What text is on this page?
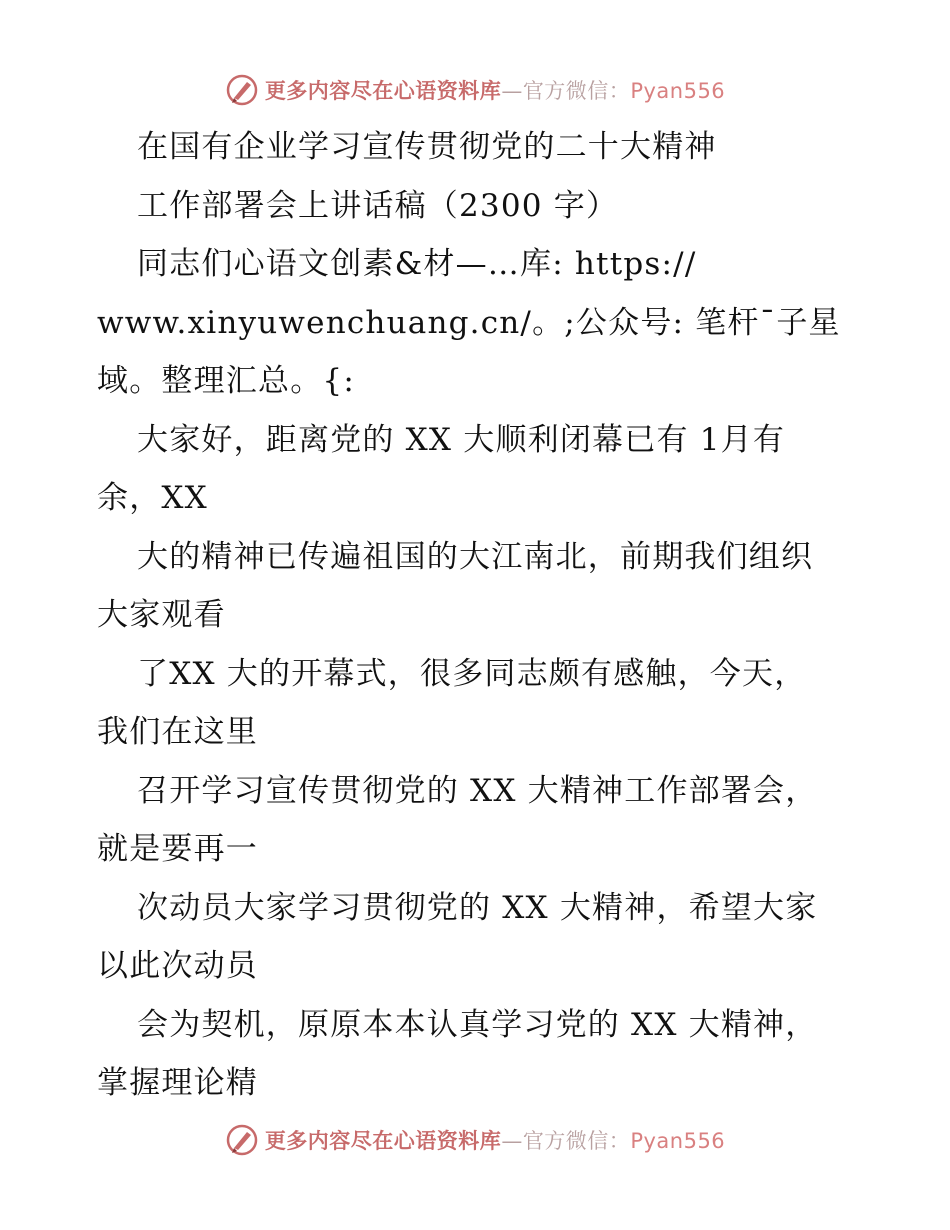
更多内容尽在心语资料库—官方微信：Pyan556
在国有企业学习宣传贯彻党的二十大精神
工作部署会上讲话稿（2300 字）
同志们心语文创素&材—…库: https://
www.xinyuwenchuang.cn/。;公众号: 笔杆¯子星
域。整理汇总。{:
大家好，距离党的 XX 大顺利闭幕已有 1月有
余，XX
大的精神已传遍祖国的大江南北，前期我们组织
大家观看
了XX 大的开幕式，很多同志颇有感触，今天，
我们在这里
召开学习宣传贯彻党的 XX 大精神工作部署会，
就是要再一
次动员大家学习贯彻党的 XX 大精神，希望大家
以此次动员
会为契机，原原本本认真学习党的 XX 大精神，
掌握理论精
更多内容尽在心语资料库—官方微信：Pyan556
